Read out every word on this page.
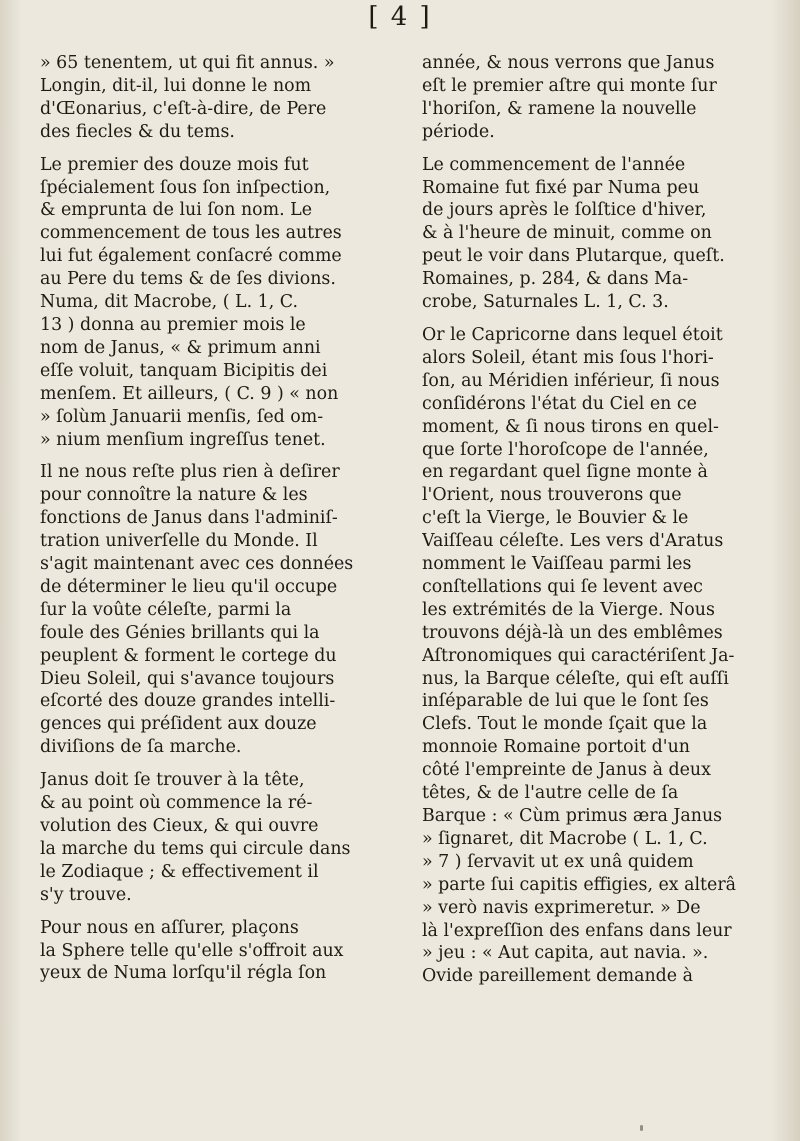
[ 4 ]
» 65 tenentem, ut qui fit annus. »
Longin, dit-il, lui donne le nom
d'Œonarius, c'eſt-à-dire, de Pere
des fiecles & du tems.
Le premier des douze mois fut
ſpécialement ſous ſon inſpection,
& emprunta de lui ſon nom. Le
commencement de tous les autres
lui fut également conſacré comme
au Pere du tems & de ſes divions.
Numa, dit Macrobe, ( L. 1, C.
13 ) donna au premier mois le
nom de Janus, « & primum anni
eſſe voluit, tanquam Bicipitis dei
menſem. Et ailleurs, ( C. 9 ) « non
» ſolùm Januarii menſis, ſed om-
» nium menſium ingreſſus tenet.
Il ne nous reſte plus rien à deſirer
pour connoître la nature & les
fonctions de Janus dans l'adminiſ-
tration univerſelle du Monde. Il
s'agit maintenant avec ces données
de déterminer le lieu qu'il occupe
ſur la voûte céleſte, parmi la
foule des Génies brillants qui la
peuplent & forment le cortege du
Dieu Soleil, qui s'avance toujours
eſcorté des douze grandes intelli-
gences qui préſident aux douze
diviſions de ſa marche.
Janus doit ſe trouver à la tête,
& au point où commence la ré-
volution des Cieux, & qui ouvre
la marche du tems qui circule dans
le Zodiaque ; & effectivement il
s'y trouve.
Pour nous en aſſurer, plaçons
la Sphere telle qu'elle s'offroit aux
yeux de Numa lorſqu'il régla ſon
année, & nous verrons que Janus
eſt le premier aſtre qui monte ſur
l'horiſon, & ramene la nouvelle
période.
Le commencement de l'année
Romaine fut fixé par Numa peu
de jours après le ſolſtice d'hiver,
& à l'heure de minuit, comme on
peut le voir dans Plutarque, queſt.
Romaines, p. 284, & dans Ma-
crobe, Saturnales L. 1, C. 3.
Or le Capricorne dans lequel étoit
alors Soleil, étant mis ſous l'hori-
ſon, au Méridien inférieur, ſi nous
conſidérons l'état du Ciel en ce
moment, & ſi nous tirons en quel-
que ſorte l'horoſcope de l'année,
en regardant quel ſigne monte à
l'Orient, nous trouverons que
c'eſt la Vierge, le Bouvier & le
Vaiſſeau céleſte. Les vers d'Aratus
nomment le Vaiſſeau parmi les
conſtellations qui ſe levent avec
les extrémités de la Vierge. Nous
trouvons déjà-là un des emblêmes
Aſtronomiques qui caractériſent Ja-
nus, la Barque céleſte, qui eſt auſſi
inſéparable de lui que le ſont ſes
Clefs. Tout le monde ſçait que la
monnoie Romaine portoit d'un
côté l'empreinte de Janus à deux
têtes, & de l'autre celle de ſa
Barque : « Cùm primus æra Janus
» ſignaret, dit Macrobe ( L. 1, C.
» 7 ) ſervavit ut ex unâ quidem
» parte ſui capitis effigies, ex alterâ
» verò navis exprimeretur. » De
là l'expreſſion des enfans dans leur
» jeu : « Aut capita, aut navia. ».
Ovide pareillement demande à
